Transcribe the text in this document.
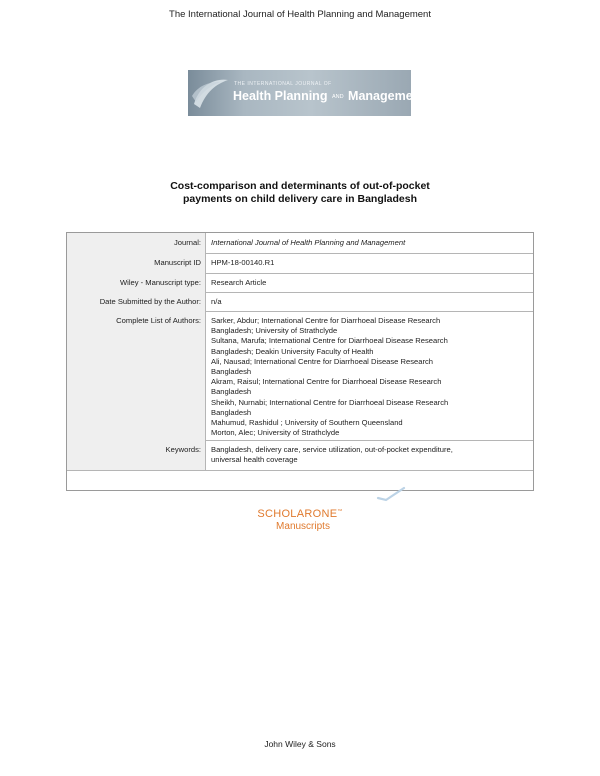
The International Journal of Health Planning and Management
THE INTERNATIONAL JOURNAL OF
Health Planning AND Management
Cost-comparison and determinants of out-of-pocket
payments on child delivery care in Bangladesh
Journal:	International Journal of Health Planning and Management
Manuscript ID	HPM-18-00140.R1
Wiley - Manuscript type:	Research Article
Date Submitted by the Author:	n/a
Complete List of Authors:	Sarker, Abdur; International Centre for Diarrhoeal Disease Research
Bangladesh; University of Strathclyde
Sultana, Marufa; International Centre for Diarrhoeal Disease Research
Bangladesh; Deakin University Faculty of Health
Ali, Nausad; International Centre for Diarrhoeal Disease Research
Bangladesh
Akram, Raisul; International Centre for Diarrhoeal Disease Research
Bangladesh
Sheikh, Nurnabi; International Centre for Diarrhoeal Disease Research
Bangladesh
Mahumud, Rashidul ; University of Southern Queensland
Morton, Alec; University of Strathclyde
Keywords:	Bangladesh, delivery care, service utilization, out-of-pocket expenditure,
universal health coverage
SCHOLARONE™
Manuscripts
John Wiley & Sons
